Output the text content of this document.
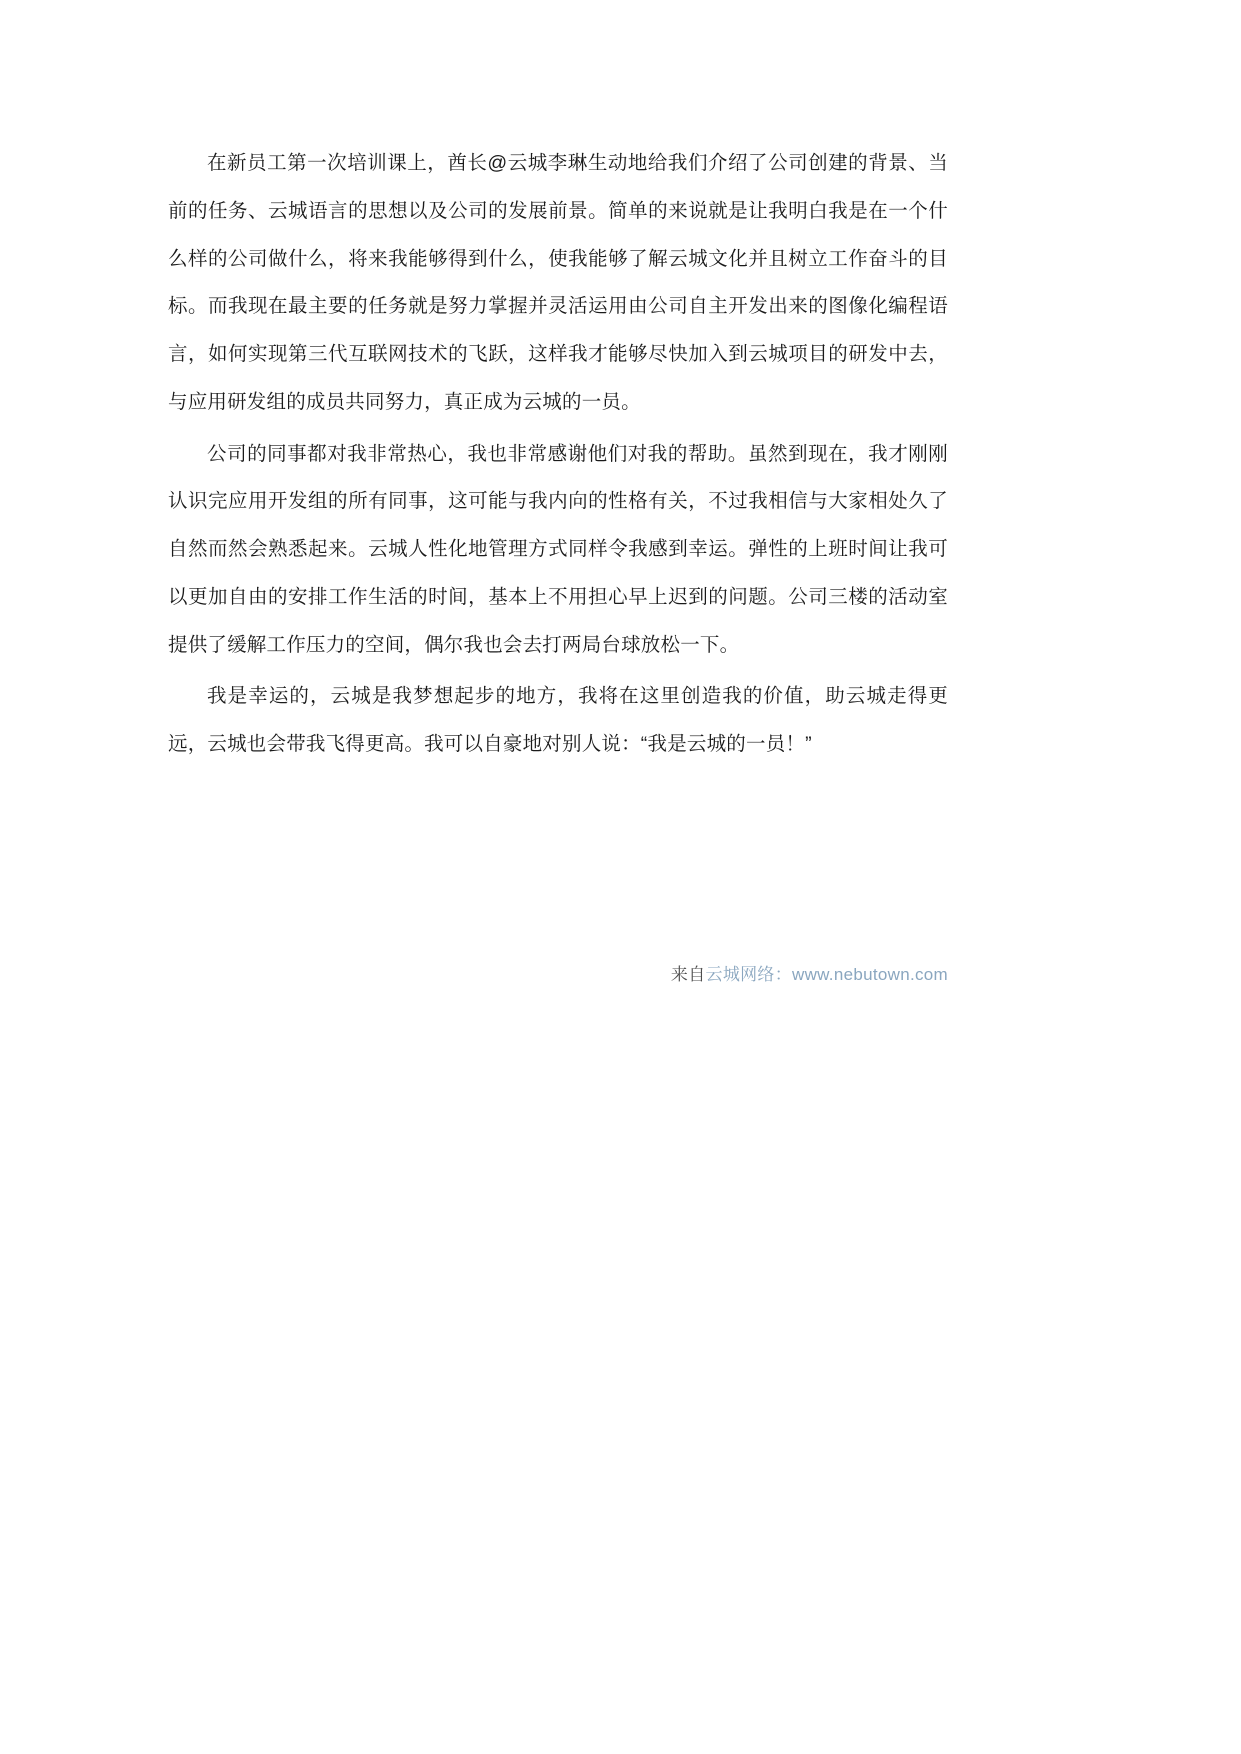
在新员工第一次培训课上，酋长@云城李琳生动地给我们介绍了公司创建的背景、当前的任务、云城语言的思想以及公司的发展前景。简单的来说就是让我明白我是在一个什么样的公司做什么，将来我能够得到什么，使我能够了解云城文化并且树立工作奋斗的目标。而我现在最主要的任务就是努力掌握并灵活运用由公司自主开发出来的图像化编程语言，如何实现第三代互联网技术的飞跃，这样我才能够尽快加入到云城项目的研发中去，与应用研发组的成员共同努力，真正成为云城的一员。

公司的同事都对我非常热心，我也非常感谢他们对我的帮助。虽然到现在，我才刚刚认识完应用开发组的所有同事，这可能与我内向的性格有关，不过我相信与大家相处久了自然而然会熟悉起来。云城人性化地管理方式同样令我感到幸运。弹性的上班时间让我可以更加自由的安排工作生活的时间，基本上不用担心早上迟到的问题。公司三楼的活动室提供了缓解工作压力的空间，偶尔我也会去打两局台球放松一下。

我是幸运的，云城是我梦想起步的地方，我将在这里创造我的价值，助云城走得更远，云城也会带我飞得更高。我可以自豪地对别人说：“我是云城的一员！”

来自云城网络：www.nebutown.com
